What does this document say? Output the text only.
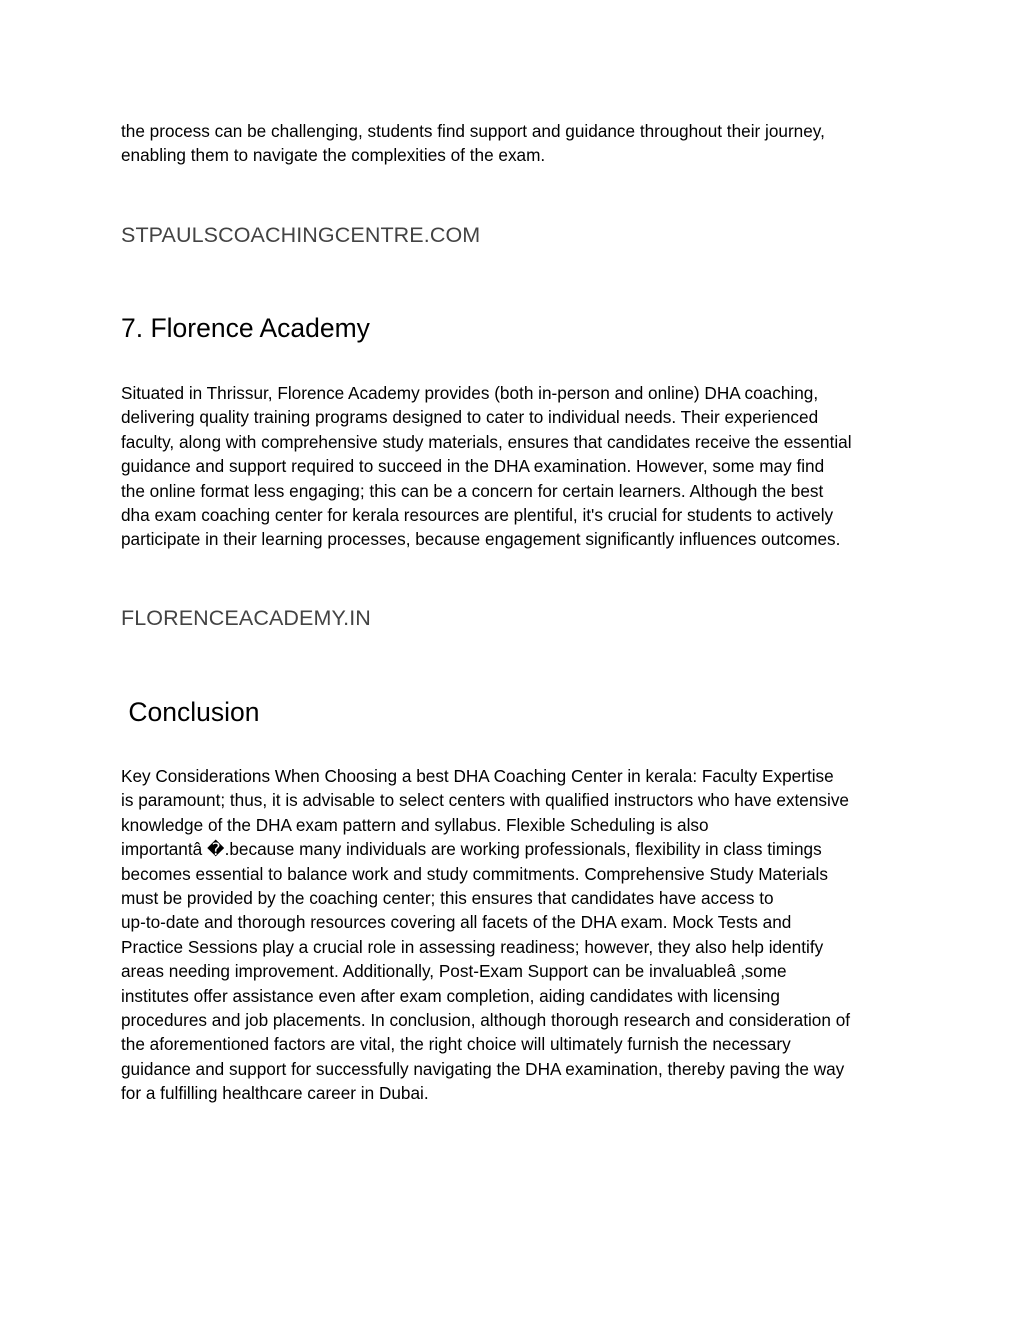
the process can be challenging, students find support and guidance throughout their journey,
enabling them to navigate the complexities of the exam.

STPAULSCOACHINGCENTRE.COM
7. Florence Academy

Situated in Thrissur, Florence Academy provides (both in-person and online) DHA coaching,
delivering quality training programs designed to cater to individual needs. Their experienced
faculty, along with comprehensive study materials, ensures that candidates receive the essential
guidance and support required to succeed in the DHA examination. However, some may find
the online format less engaging; this can be a concern for certain learners. Although the best
dha exam coaching center for kerala resources are plentiful, it's crucial for students to actively
participate in their learning processes, because engagement significantly influences outcomes.

FLORENCEACADEMY.IN
Conclusion

Key Considerations When Choosing a best DHA Coaching Center in kerala: Faculty Expertise
is paramount; thus, it is advisable to select centers with qualified instructors who have extensive
knowledge of the DHA exam pattern and syllabus. Flexible Scheduling is also
importantâ �.because many individuals are working professionals, flexibility in class timings
becomes essential to balance work and study commitments. Comprehensive Study Materials
must be provided by the coaching center; this ensures that candidates have access to
up-to-date and thorough resources covering all facets of the DHA exam. Mock Tests and
Practice Sessions play a crucial role in assessing readiness; however, they also help identify
areas needing improvement. Additionally, Post-Exam Support can be invaluableâ ‚some
institutes offer assistance even after exam completion, aiding candidates with licensing
procedures and job placements. In conclusion, although thorough research and consideration of
the aforementioned factors are vital, the right choice will ultimately furnish the necessary
guidance and support for successfully navigating the DHA examination, thereby paving the way
for a fulfilling healthcare career in Dubai.
